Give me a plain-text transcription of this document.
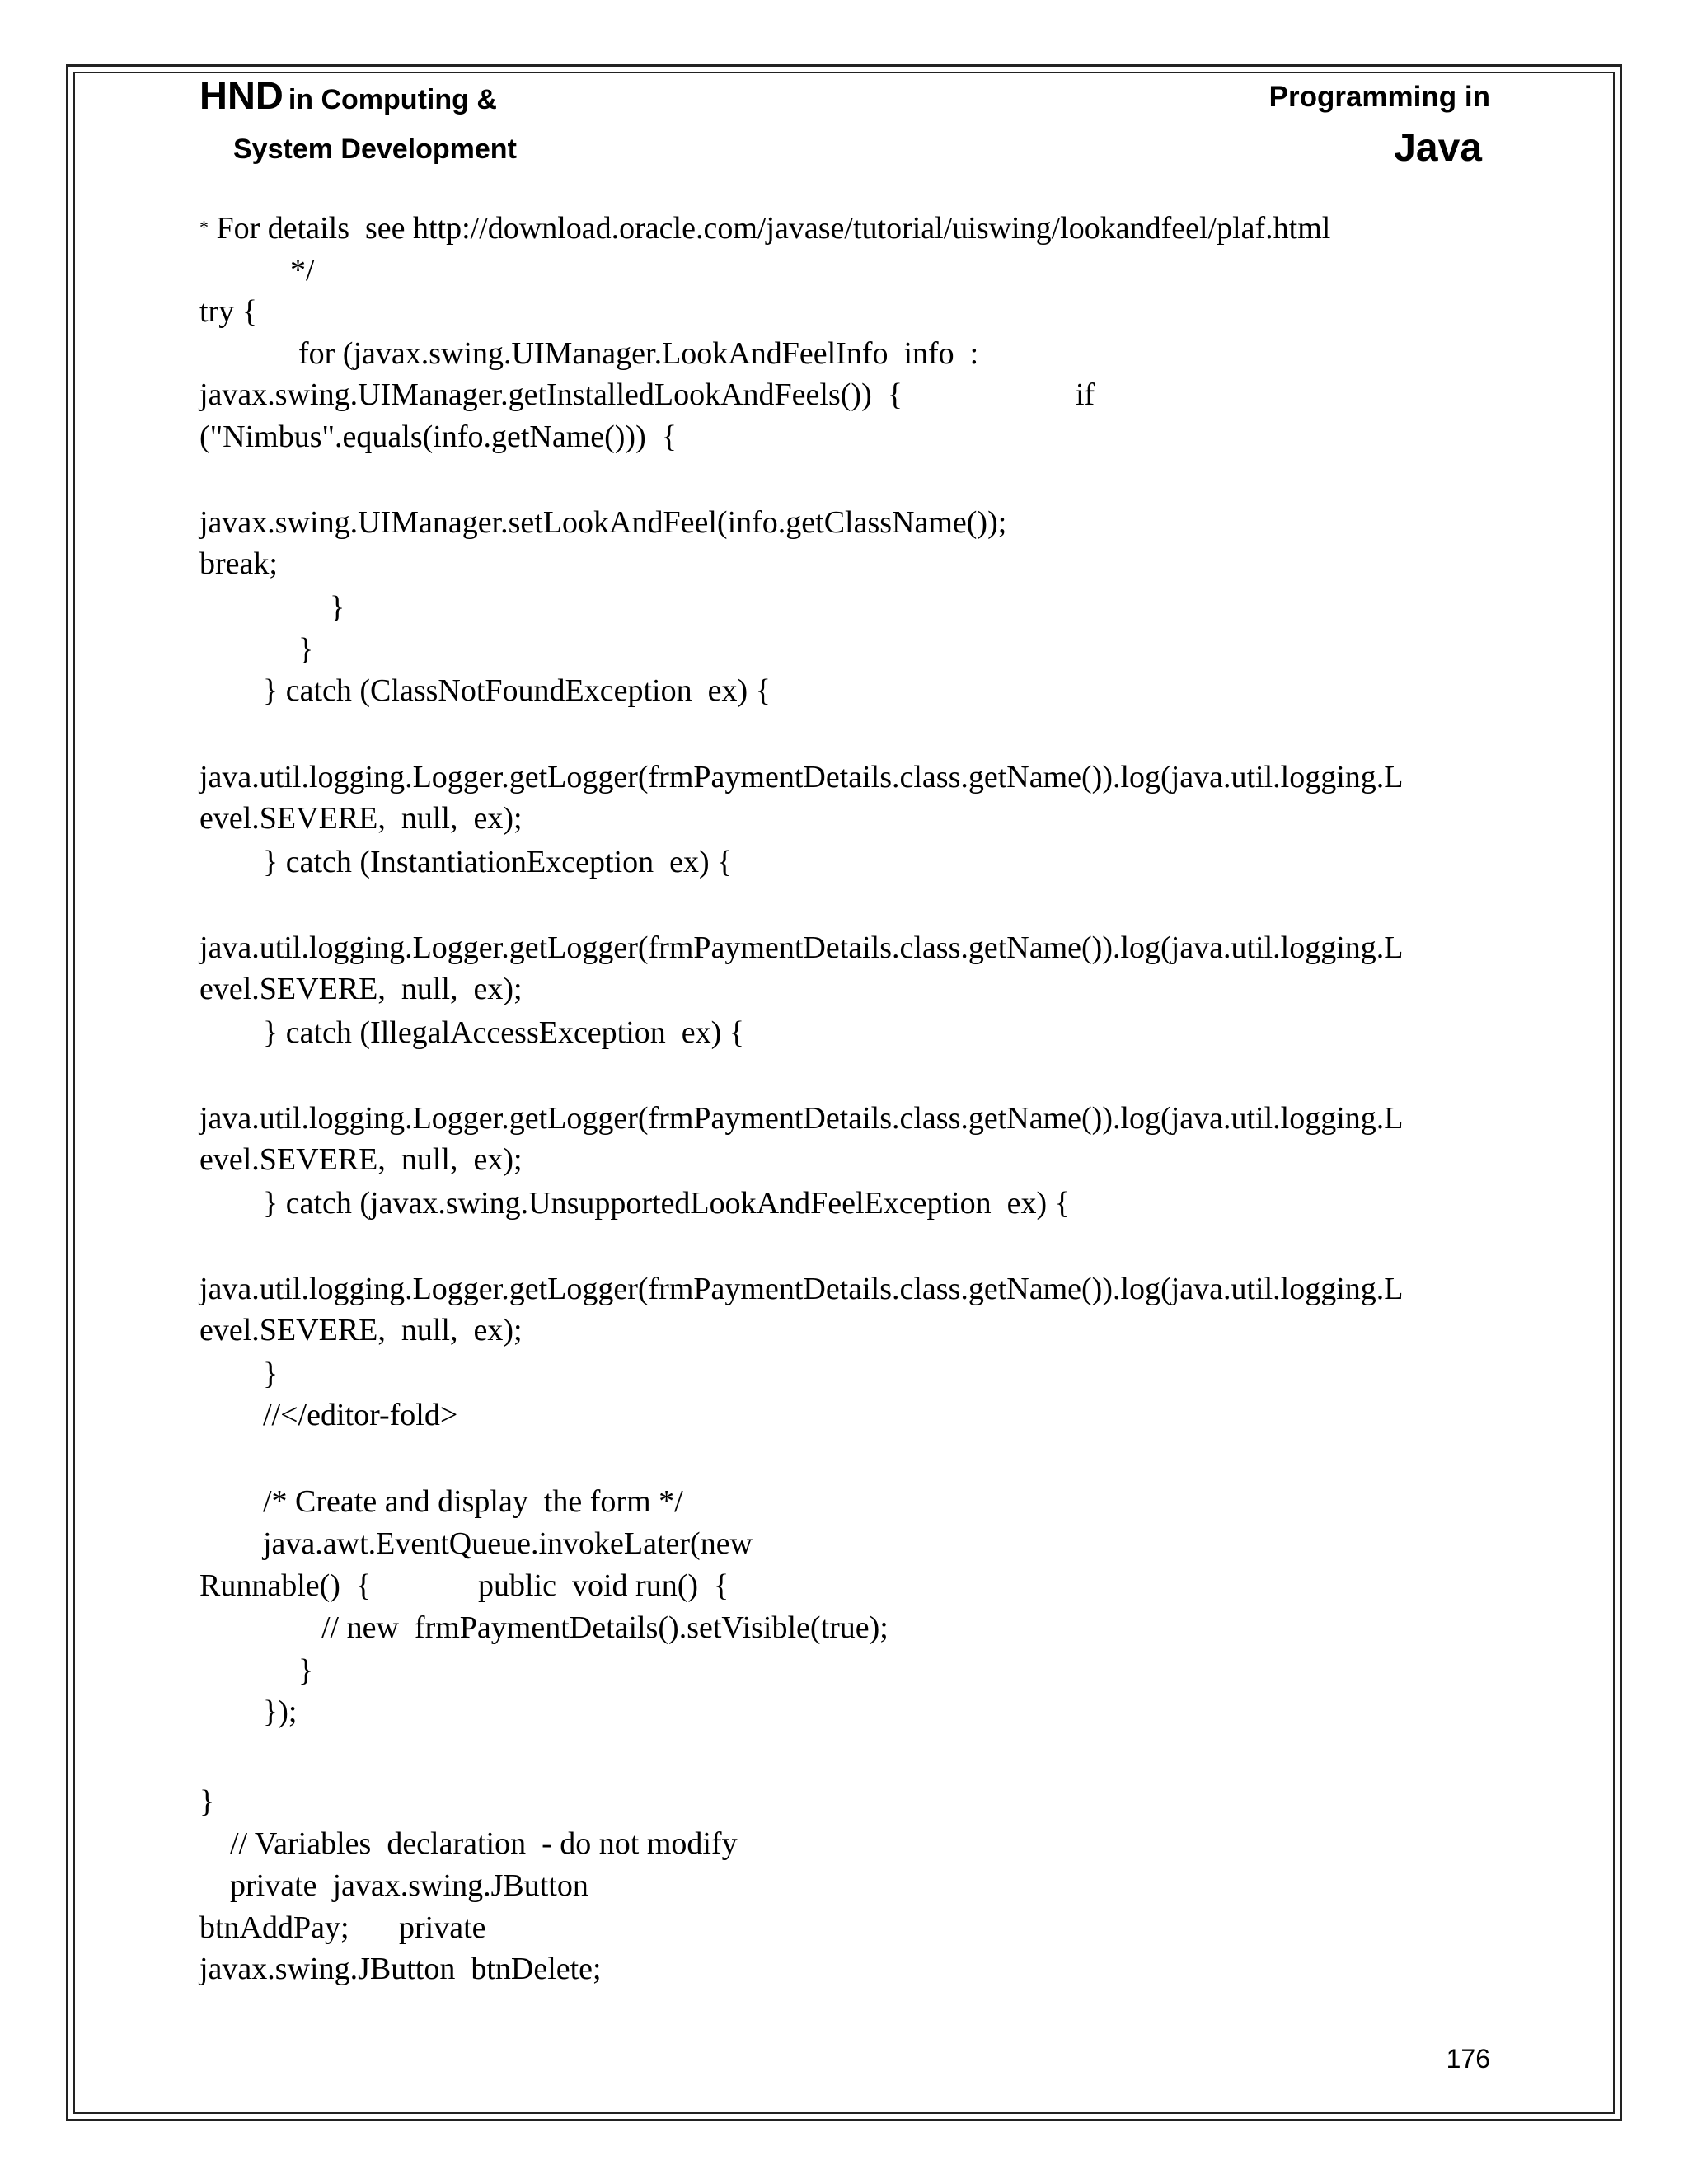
HND in Computing &
System Development
Programming in
Java
* For details  see http://download.oracle.com/javase/tutorial/uiswing/lookandfeel/plaf.html
*/
try {
for (javax.swing.UIManager.LookAndFeelInfo  info  :
javax.swing.UIManager.getInstalledLookAndFeels())  {	if
("Nimbus".equals(info.getName()))  {
javax.swing.UIManager.setLookAndFeel(info.getClassName());
break;
}
}
} catch (ClassNotFoundException  ex) {
java.util.logging.Logger.getLogger(frmPaymentDetails.class.getName()).log(java.util.logging.L
evel.SEVERE,  null,  ex);
} catch (InstantiationException  ex) {
java.util.logging.Logger.getLogger(frmPaymentDetails.class.getName()).log(java.util.logging.L
evel.SEVERE,  null,  ex);
} catch (IllegalAccessException  ex) {
java.util.logging.Logger.getLogger(frmPaymentDetails.class.getName()).log(java.util.logging.L
evel.SEVERE,  null,  ex);
} catch (javax.swing.UnsupportedLookAndFeelException  ex) {
java.util.logging.Logger.getLogger(frmPaymentDetails.class.getName()).log(java.util.logging.L
evel.SEVERE,  null,  ex);
}
//</editor-fold>
/* Create and display  the form */
java.awt.EventQueue.invokeLater(new
Runnable()  {	public  void run()  {
// new  frmPaymentDetails().setVisible(true);
}
});
}
// Variables  declaration  - do not modify
private  javax.swing.JButton
btnAddPay; private
javax.swing.JButton  btnDelete;
176
